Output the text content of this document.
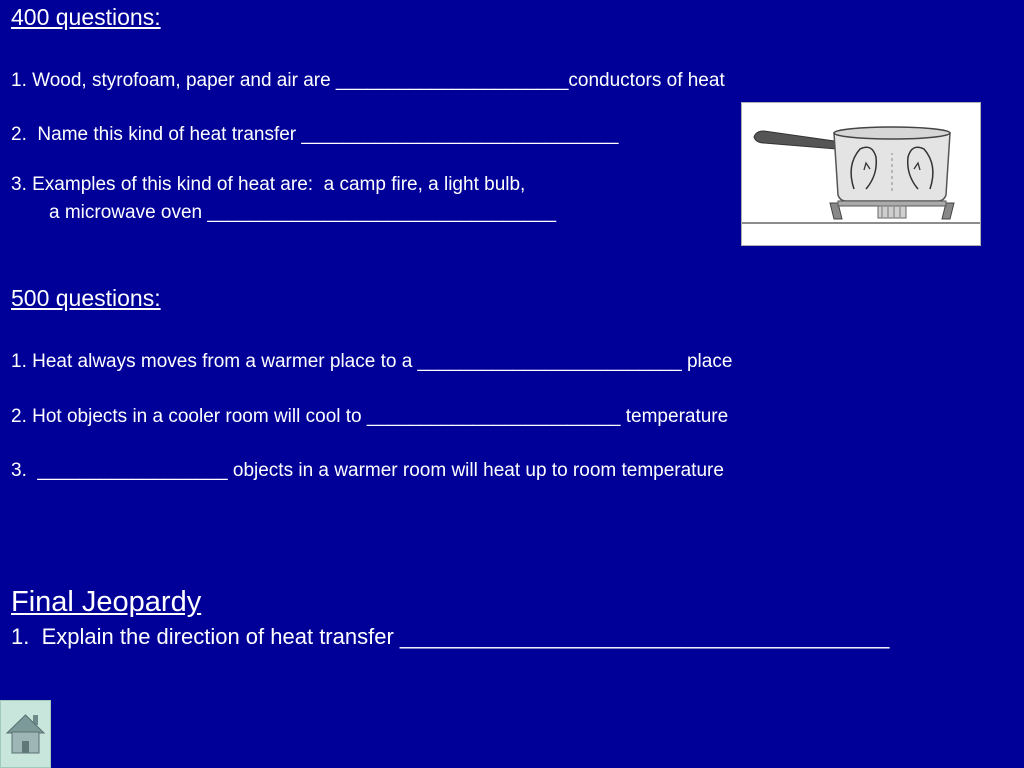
400 questions:
1. Wood, styrofoam, paper and air are ______________________conductors of heat
2.  Name this kind of heat transfer ______________________________
3. Examples of this kind of heat are:  a camp fire, a light bulb,
a microwave oven _________________________________
500 questions:
1. Heat always moves from a warmer place to a _________________________ place
2. Hot objects in a cooler room will cool to ________________________ temperature
3.  __________________ objects in a warmer room will heat up to room temperature
Final Jeopardy
1.  Explain the direction of heat transfer ________________________________________
